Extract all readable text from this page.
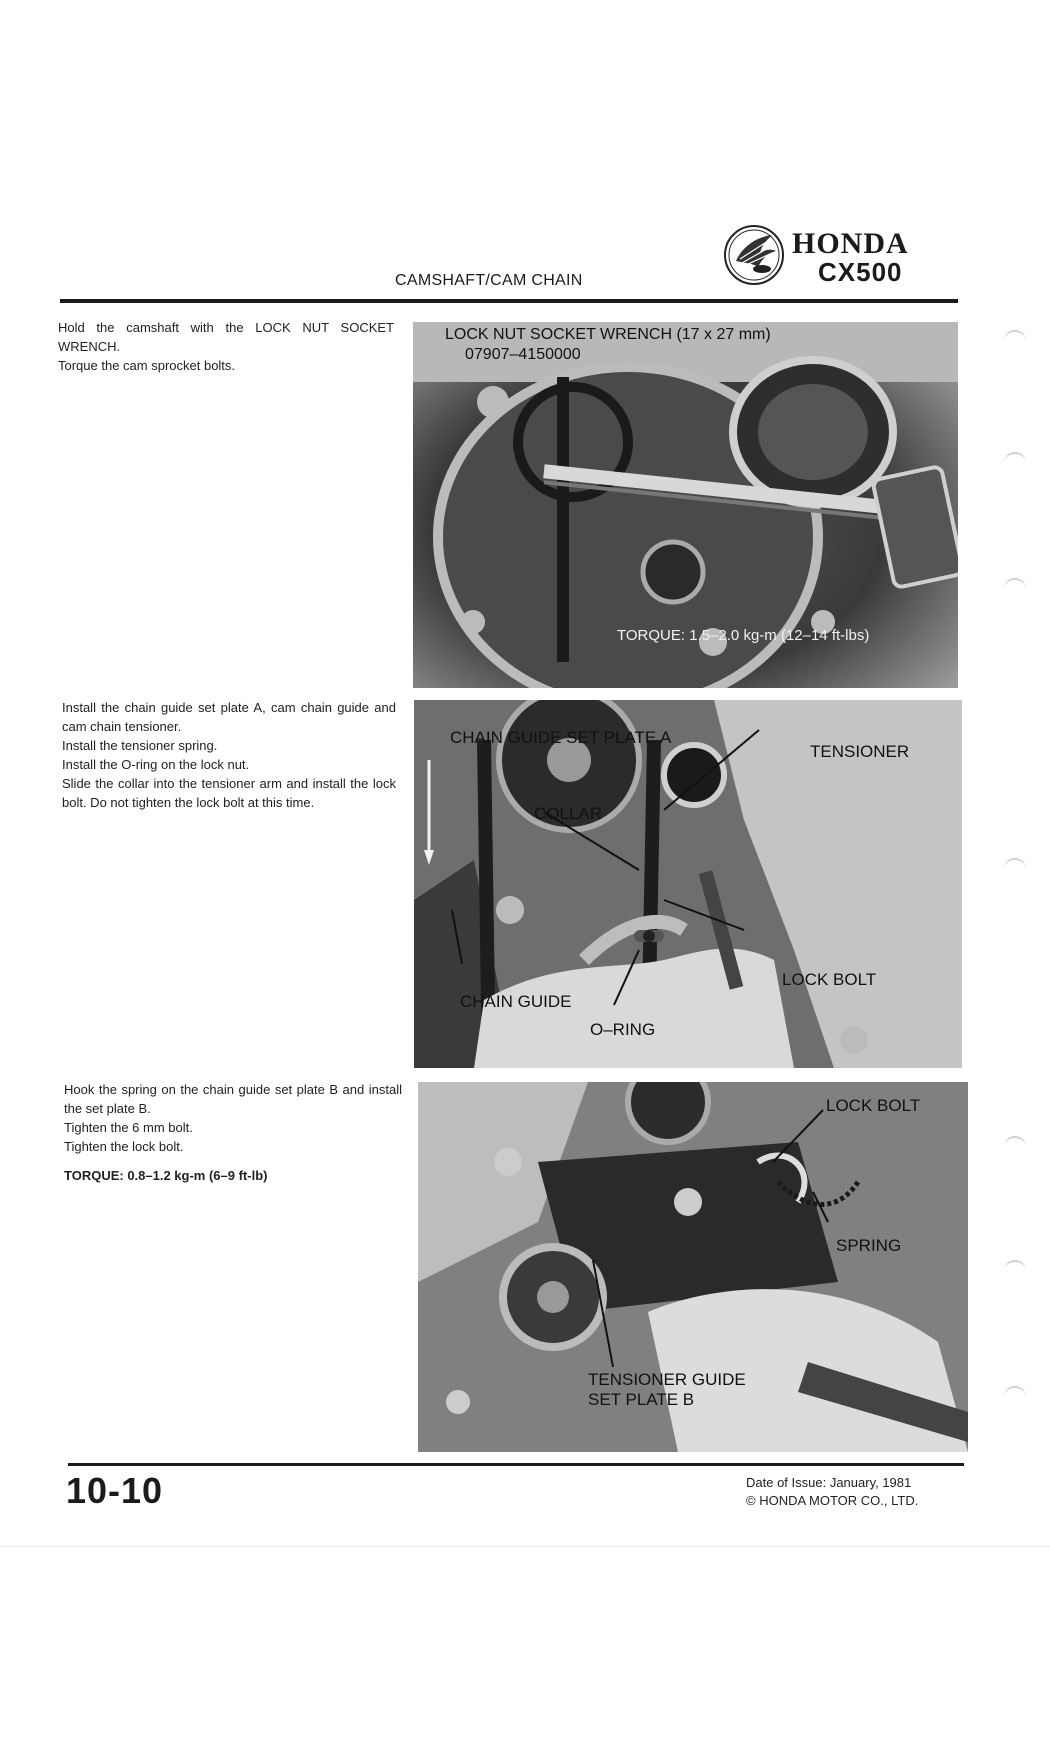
CAMSHAFT/CAM CHAIN
HONDA
CX500

Hold the camshaft with the LOCK NUT SOCKET WRENCH.

Torque the cam sprocket bolts.

LOCK NUT SOCKET WRENCH (17 x 27 mm)
07907–4150000
TORQUE: 1.5–2.0 kg-m (12–14 ft-lbs)

Install the chain guide set plate A, cam chain guide and cam chain tensioner.

Install the tensioner spring.

Install the O-ring on the lock nut.

Slide the collar into the tensioner arm and install the lock bolt. Do not tighten the lock bolt at this time.

CHAIN GUIDE SET PLATE A
TENSIONER
COLLAR
LOCK BOLT
CHAIN GUIDE
O–RING

Hook the spring on the chain guide set plate B and install the set plate B.

Tighten the 6 mm bolt.

Tighten the lock bolt.

TORQUE: 0.8–1.2 kg-m (6–9 ft-lb)

LOCK BOLT
SPRING
TENSIONER GUIDE
SET PLATE B
10-10	Date of Issue: January, 1981
© HONDA MOTOR CO., LTD.
